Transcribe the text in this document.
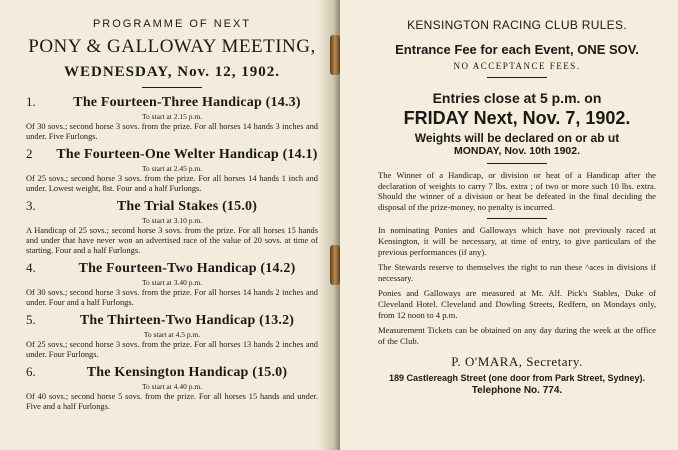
PROGRAMME OF NEXT
PONY & GALLOWAY MEETING,
WEDNESDAY, Nov. 12, 1902.
1.	The Fourteen-Three Handicap (14.3)
To start at 2.15 p.m.
Of 30 sovs.; second horse 3 sovs. from the prize. For all horses 14 hands 3 inches and under. Five Furlongs.
2	The Fourteen-One Welter Handicap (14.1)
To start at 2.45 p.m.
Of 25 sovs.; second horse 3 sovs. from the prize. For all horses 14 hands 1 inch and under. Lowest weight, 8st. Four and a half Furlongs.
3.	The Trial Stakes (15.0)
To start at 3.10 p.m.
A Handicap of 25 sovs.; second horse 3 sovs. from the prize. For all horses 15 hands and under that have never won an advertised race of the value of 20 sovs. at time of starting. Four and a half Furlongs.
4.	The Fourteen-Two Handicap (14.2)
To start at 3.40 p.m.
Of 30 sovs.; second horse 3 sovs. from the prize. For all horses 14 hands 2 inches and under. Four and a half Furlongs.
5.	The Thirteen-Two Handicap (13.2)
To start at 4.5 p.m.
Of 25 sovs.; second horse 3 sovs. from the prize. For all horses 13 hands 2 inches and under. Four Furlongs.
6.	The Kensington Handicap (15.0)
To start at 4.40 p.m.
Of 40 sovs.; second horse 5 sovs. from the prize. For all horses 15 hands and under. Five and a half Furlongs.
KENSINGTON RACING CLUB RULES.
Entrance Fee for each Event, ONE SOV.
NO ACCEPTANCE FEES.
Entries close at 5 p.m. on
FRIDAY Next, Nov. 7, 1902.
Weights will be declared on or ab ut
MONDAY, Nov. 10th 1902.
The Winner of a Handicap, or division or heat of a Handicap after the declaration of weights to carry 7 lbs. extra ; of two or more such 10 lbs. extra. Should the winner of a division or heat be defeated in the final deciding the disposal of the prize-money, no penalty is incurred.
In nominating Ponies and Galloways which have not previously raced at Kensington, it will be necessary, at time of entry, to give particulars of the previous performances (if any).
The Stewards reserve to themselves the right to run these ^aces in divisions if necessary.
Ponies and Galloways are measured at Mr. Alf. Pick's Stables, Duke of Cleveland Hotel. Cleveland and Dowling Streets, Redfern, on Mondays only, from 12 noon to 4 p.m.
Measurement Tickets can be obtained on any day during the week at the office of the Club.
P. O'MARA, Secretary.
189 Castlereagh Street (one door from Park Street, Sydney).
Telephone No. 774.
